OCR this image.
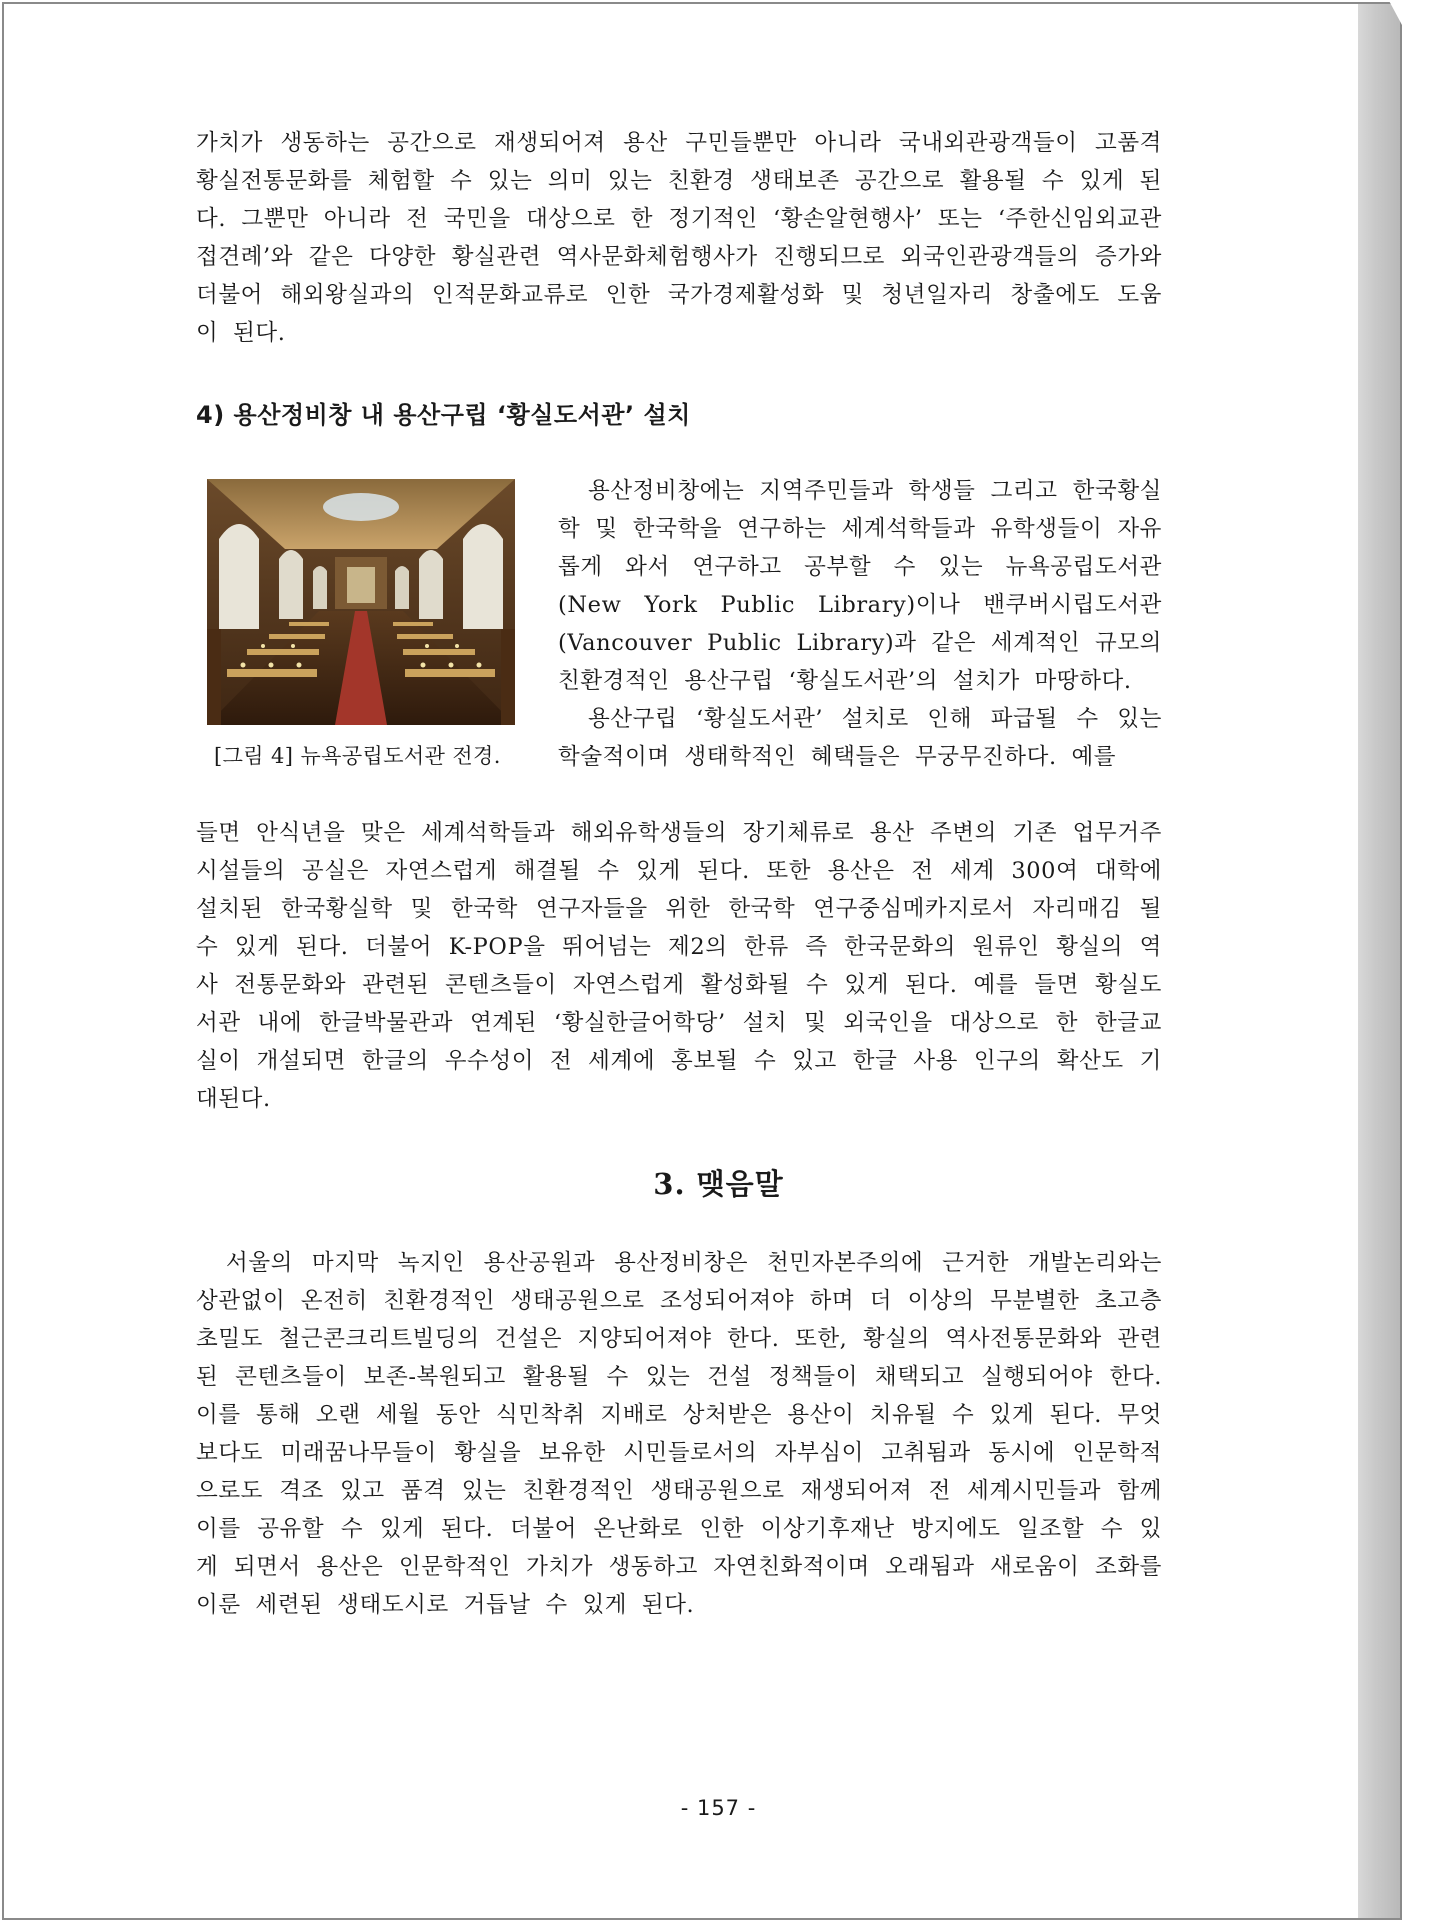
가치가 생동하는 공간으로 재생되어져 용산 구민들뿐만 아니라 국내외관광객들이 고품격 황실전통문화를 체험할 수 있는 의미 있는 친환경 생태보존 공간으로 활용될 수 있게 된다. 그뿐만 아니라 전 국민을 대상으로 한 정기적인 ‘황손알현행사’ 또는 ‘주한신임외교관접견례’와 같은 다양한 황실관련 역사문화체험행사가 진행되므로 외국인관광객들의 증가와 더불어 해외왕실과의 인적문화교류로 인한 국가경제활성화 및 청년일자리 창출에도 도움이 된다.

4) 용산정비창 내 용산구립 ‘황실도서관’ 설치
[그림 4] 뉴욕공립도서관 전경.
용산정비창에는 지역주민들과 학생들 그리고 한국황실학 및 한국학을 연구하는 세계석학들과 유학생들이 자유롭게 와서 연구하고 공부할 수 있는 뉴욕공립도서관(New York Public Library)이나 밴쿠버시립도서관(Vancouver Public Library)과 같은 세계적인 규모의 친환경적인 용산구립 ‘황실도서관’의 설치가 마땅하다.
용산구립 ‘황실도서관’ 설치로 인해 파급될 수 있는 학술적이며 생태학적인 혜택들은 무궁무진하다. 예를

들면 안식년을 맞은 세계석학들과 해외유학생들의 장기체류로 용산 주변의 기존 업무거주시설들의 공실은 자연스럽게 해결될 수 있게 된다. 또한 용산은 전 세계 300여 대학에 설치된 한국황실학 및 한국학 연구자들을 위한 한국학 연구중심메카지로서 자리매김 될 수 있게 된다. 더불어 K-POP을 뛰어넘는 제2의 한류 즉 한국문화의 원류인 황실의 역사 전통문화와 관련된 콘텐츠들이 자연스럽게 활성화될 수 있게 된다. 예를 들면 황실도서관 내에 한글박물관과 연계된 ‘황실한글어학당’ 설치 및 외국인을 대상으로 한 한글교실이 개설되면 한글의 우수성이 전 세계에 홍보될 수 있고 한글 사용 인구의 확산도 기대된다.

3. 맺음말

서울의 마지막 녹지인 용산공원과 용산정비창은 천민자본주의에 근거한 개발논리와는 상관없이 온전히 친환경적인 생태공원으로 조성되어져야 하며 더 이상의 무분별한 초고층 초밀도 철근콘크리트빌딩의 건설은 지양되어져야 한다. 또한, 황실의 역사전통문화와 관련된 콘텐츠들이 보존-복원되고 활용될 수 있는 건설 정책들이 채택되고 실행되어야 한다. 이를 통해 오랜 세월 동안 식민착취 지배로 상처받은 용산이 치유될 수 있게 된다. 무엇보다도 미래꿈나무들이 황실을 보유한 시민들로서의 자부심이 고취됨과 동시에 인문학적으로도 격조 있고 품격 있는 친환경적인 생태공원으로 재생되어져 전 세계시민들과 함께 이를 공유할 수 있게 된다. 더불어 온난화로 인한 이상기후재난 방지에도 일조할 수 있게 되면서 용산은 인문학적인 가치가 생동하고 자연친화적이며 오래됨과 새로움이 조화를 이룬 세련된 생태도시로 거듭날 수 있게 된다.

- 157 -
